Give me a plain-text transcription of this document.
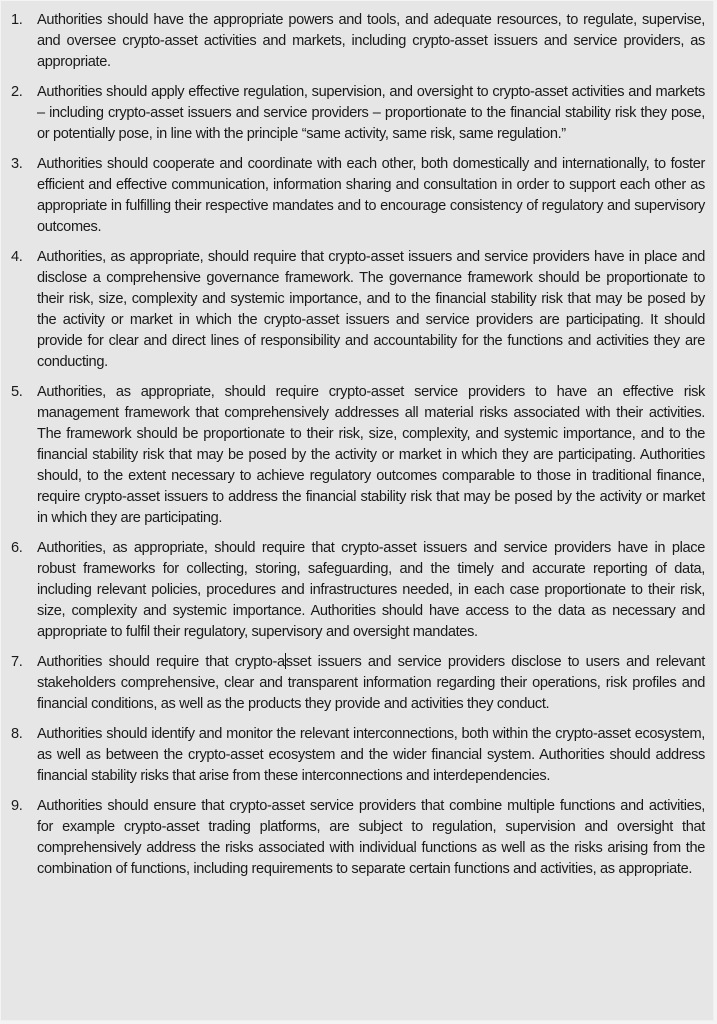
1. Authorities should have the appropriate powers and tools, and adequate resources, to regulate, supervise, and oversee crypto-asset activities and markets, including crypto-asset issuers and service providers, as appropriate.
2. Authorities should apply effective regulation, supervision, and oversight to crypto-asset activities and markets – including crypto-asset issuers and service providers – proportionate to the financial stability risk they pose, or potentially pose, in line with the principle “same activity, same risk, same regulation.”
3. Authorities should cooperate and coordinate with each other, both domestically and internationally, to foster efficient and effective communication, information sharing and consultation in order to support each other as appropriate in fulfilling their respective mandates and to encourage consistency of regulatory and supervisory outcomes.
4. Authorities, as appropriate, should require that crypto-asset issuers and service providers have in place and disclose a comprehensive governance framework. The governance framework should be proportionate to their risk, size, complexity and systemic importance, and to the financial stability risk that may be posed by the activity or market in which the crypto-asset issuers and service providers are participating. It should provide for clear and direct lines of responsibility and accountability for the functions and activities they are conducting.
5. Authorities, as appropriate, should require crypto-asset service providers to have an effective risk management framework that comprehensively addresses all material risks associated with their activities. The framework should be proportionate to their risk, size, complexity, and systemic importance, and to the financial stability risk that may be posed by the activity or market in which they are participating. Authorities should, to the extent necessary to achieve regulatory outcomes comparable to those in traditional finance, require crypto-asset issuers to address the financial stability risk that may be posed by the activity or market in which they are participating.
6. Authorities, as appropriate, should require that crypto-asset issuers and service providers have in place robust frameworks for collecting, storing, safeguarding, and the timely and accurate reporting of data, including relevant policies, procedures and infrastructures needed, in each case proportionate to their risk, size, complexity and systemic importance. Authorities should have access to the data as necessary and appropriate to fulfil their regulatory, supervisory and oversight mandates.
7. Authorities should require that crypto-asset issuers and service providers disclose to users and relevant stakeholders comprehensive, clear and transparent information regarding their operations, risk profiles and financial conditions, as well as the products they provide and activities they conduct.
8. Authorities should identify and monitor the relevant interconnections, both within the crypto-asset ecosystem, as well as between the crypto-asset ecosystem and the wider financial system. Authorities should address financial stability risks that arise from these interconnections and interdependencies.
9. Authorities should ensure that crypto-asset service providers that combine multiple functions and activities, for example crypto-asset trading platforms, are subject to regulation, supervision and oversight that comprehensively address the risks associated with individual functions as well as the risks arising from the combination of functions, including requirements to separate certain functions and activities, as appropriate.
